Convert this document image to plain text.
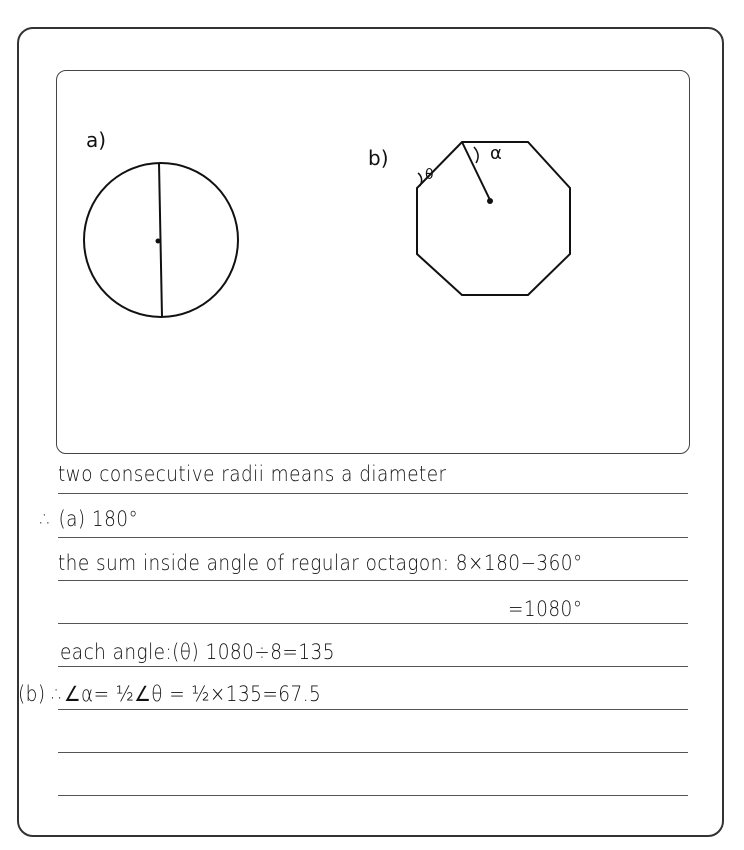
a)
b)	α
θ
two consecutive radii means a diameter
∴ (a) 180°
the sum inside angle of regular octagon: 8×180−360°
=1080°
each angle:(θ) 1080÷8=135
(b) ∴∠α= ½∠θ = ½×135=67.5
